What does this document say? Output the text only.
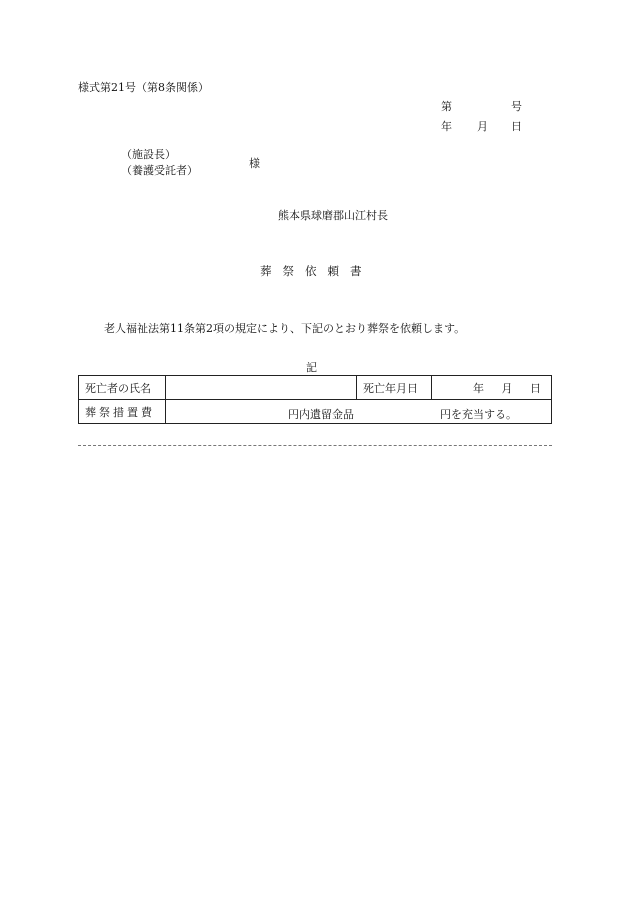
様式第21号（第8条関係）
第	号
年 月 日
（施設長）
（養護受託者）
様
熊本県球磨郡山江村長
葬祭依頼書
老人福祉法第11条第2項の規定により、下記のとおり葬祭を依頼します。
記
死亡者の氏名		死亡年月日	年 月 日
葬祭措置費	円内遺留金品 円を充当する。		
